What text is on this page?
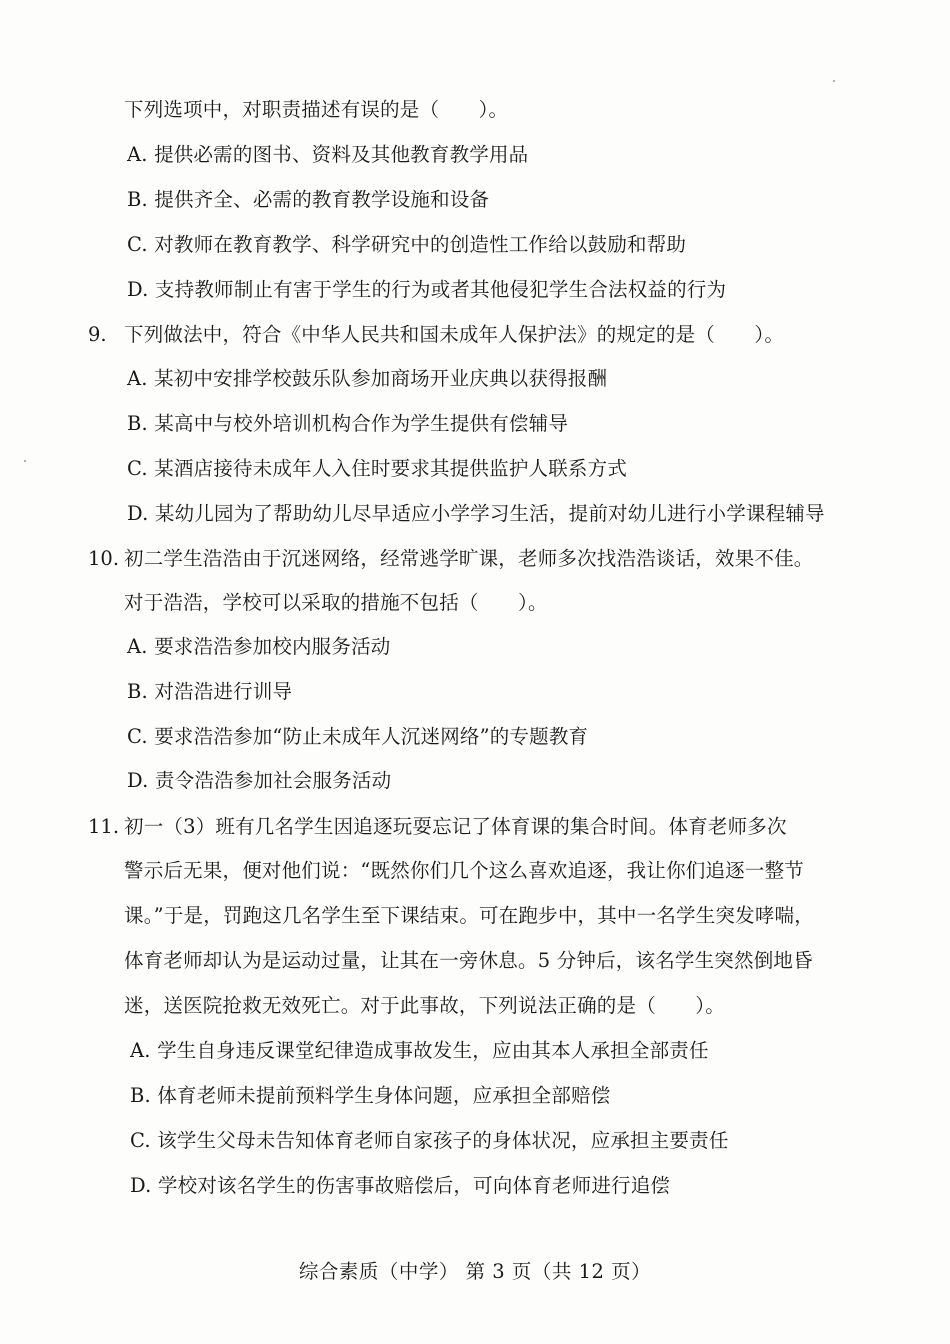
下列选项中，对职责描述有误的是（　　）。
A. 提供必需的图书、资料及其他教育教学用品
B. 提供齐全、必需的教育教学设施和设备
C. 对教师在教育教学、科学研究中的创造性工作给以鼓励和帮助
D. 支持教师制止有害于学生的行为或者其他侵犯学生合法权益的行为
9. 下列做法中，符合《中华人民共和国未成年人保护法》的规定的是（　　）。
A. 某初中安排学校鼓乐队参加商场开业庆典以获得报酬
B. 某高中与校外培训机构合作为学生提供有偿辅导
C. 某酒店接待未成年人入住时要求其提供监护人联系方式
D. 某幼儿园为了帮助幼儿尽早适应小学学习生活，提前对幼儿进行小学课程辅导
10. 初二学生浩浩由于沉迷网络，经常逃学旷课，老师多次找浩浩谈话，效果不佳。
对于浩浩，学校可以采取的措施不包括（　　）。
A. 要求浩浩参加校内服务活动
B. 对浩浩进行训导
C. 要求浩浩参加“防止未成年人沉迷网络”的专题教育
D. 责令浩浩参加社会服务活动
11. 初一（3）班有几名学生因追逐玩耍忘记了体育课的集合时间。体育老师多次
警示后无果，便对他们说：“既然你们几个这么喜欢追逐，我让你们追逐一整节
课。”于是，罚跑这几名学生至下课结束。可在跑步中，其中一名学生突发哮喘，
体育老师却认为是运动过量，让其在一旁休息。5 分钟后，该名学生突然倒地昏
迷，送医院抢救无效死亡。对于此事故，下列说法正确的是（　　）。
A. 学生自身违反课堂纪律造成事故发生，应由其本人承担全部责任
B. 体育老师未提前预料学生身体问题，应承担全部赔偿
C. 该学生父母未告知体育老师自家孩子的身体状况，应承担主要责任
D. 学校对该名学生的伤害事故赔偿后，可向体育老师进行追偿
综合素质（中学） 第 3 页（共 12 页）
